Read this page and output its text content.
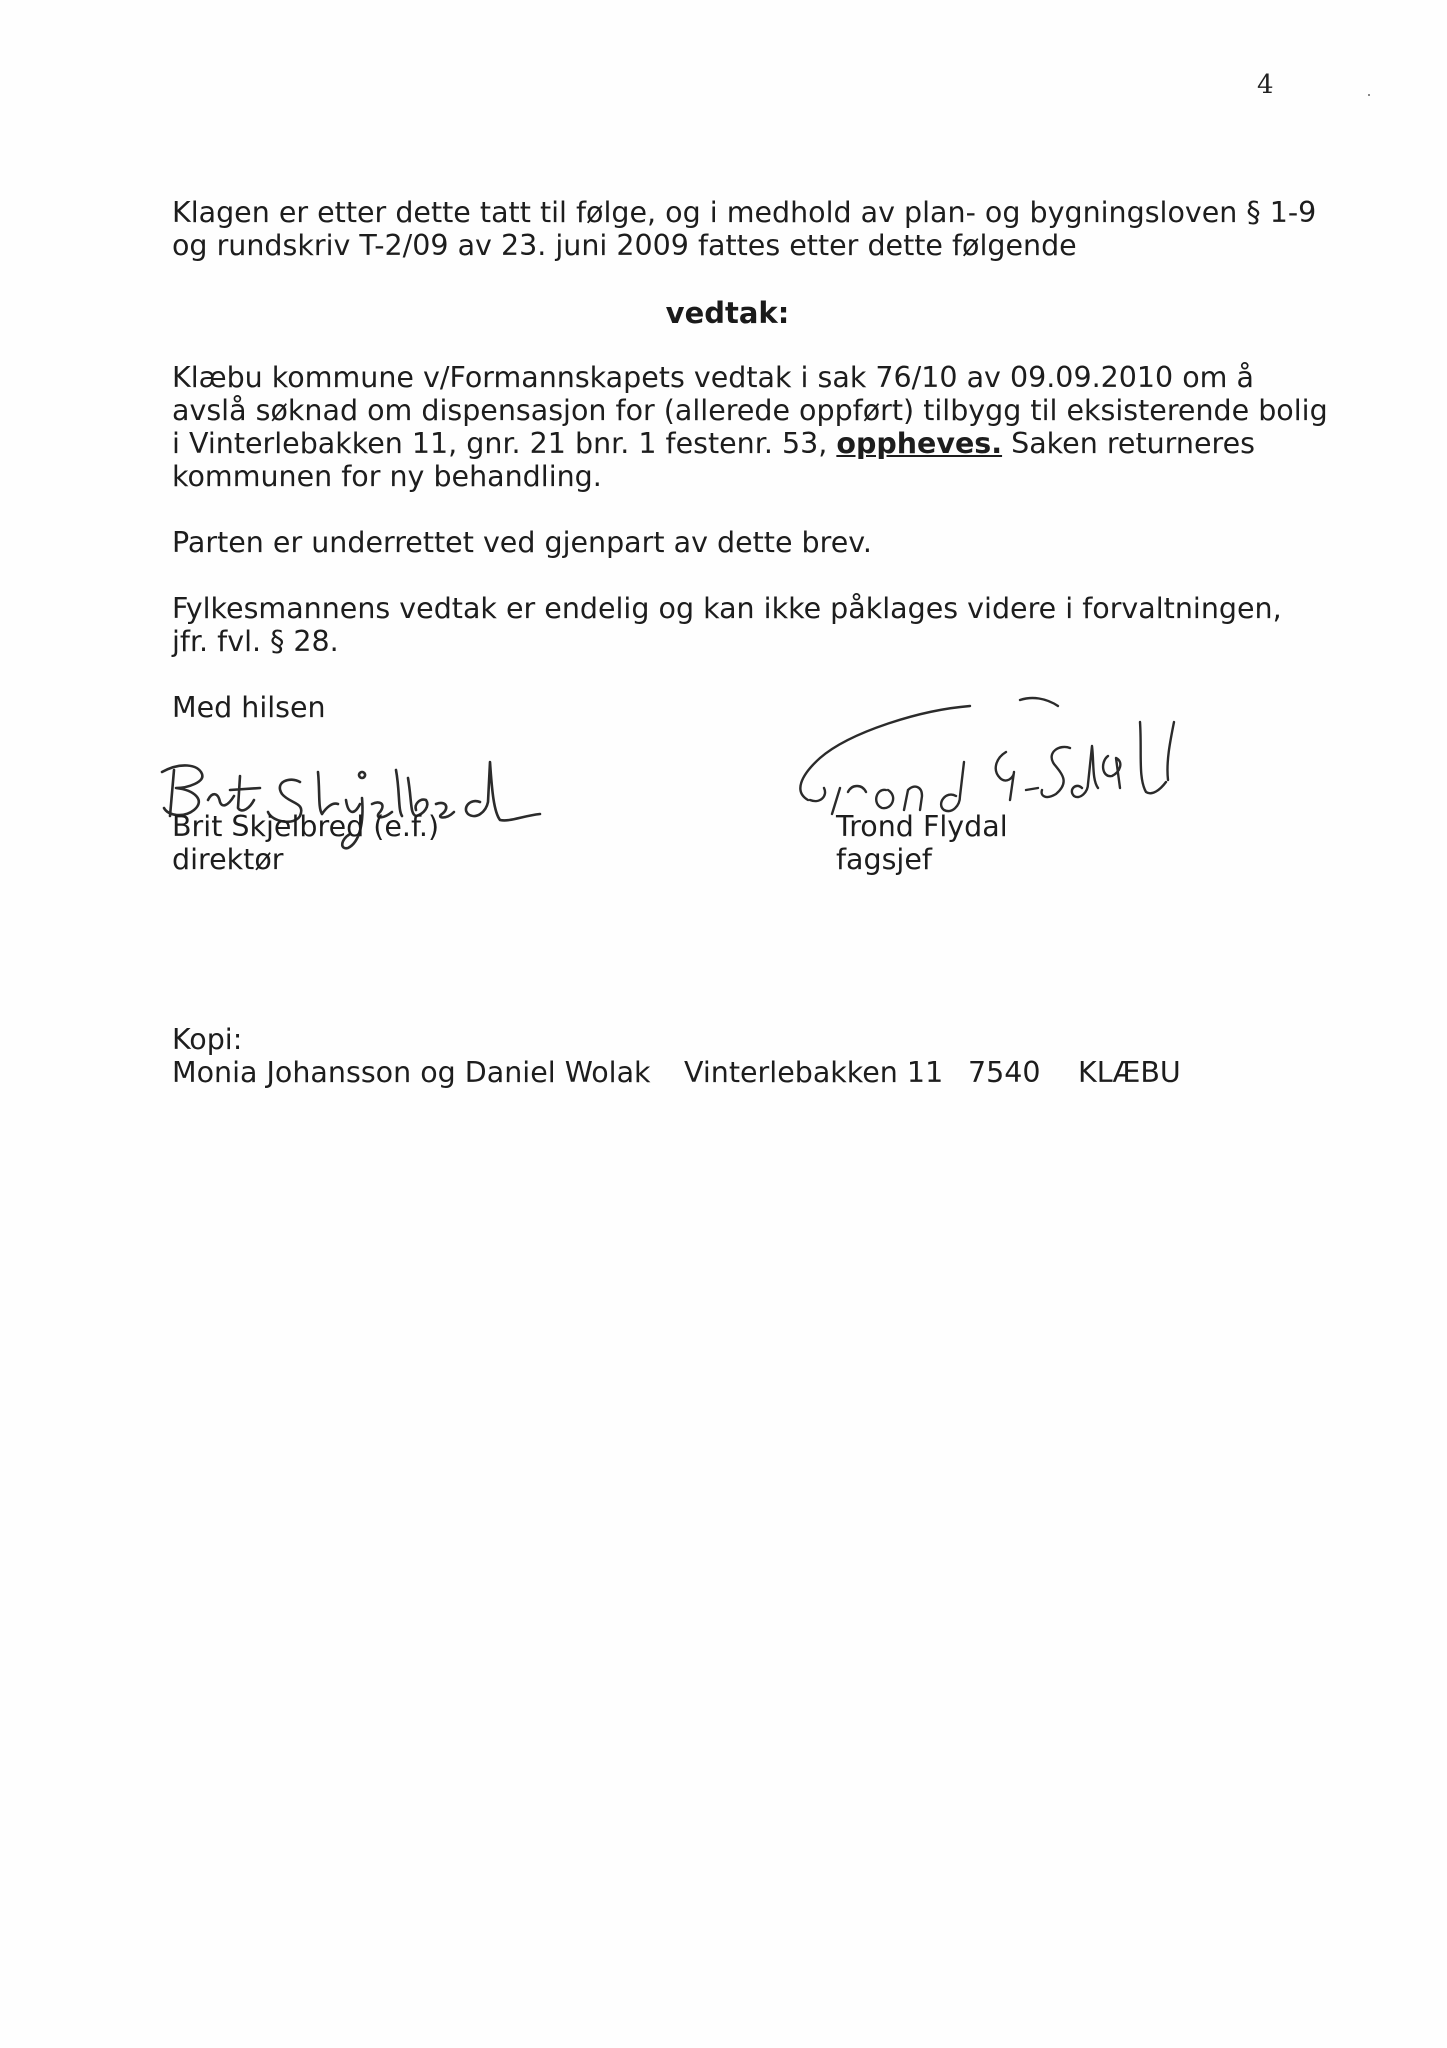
4
Klagen er etter dette tatt til følge, og i medhold av plan- og bygningsloven § 1-9
og rundskriv T-2/09 av 23. juni 2009 fattes etter dette følgende
vedtak:
Klæbu kommune v/Formannskapets vedtak i sak 76/10 av 09.09.2010 om å
avslå søknad om dispensasjon for (allerede oppført) tilbygg til eksisterende bolig
i Vinterlebakken 11, gnr. 21 bnr. 1 festenr. 53, oppheves. Saken returneres
kommunen for ny behandling.
Parten er underrettet ved gjenpart av dette brev.
Fylkesmannens vedtak er endelig og kan ikke påklages videre i forvaltningen,
jfr. fvl. § 28.
Med hilsen
Brit Skjelbred (e.f.)
direktør
Trond Flydal
fagsjef
Kopi:
Monia Johansson og Daniel Wolak Vinterlebakken 11 7540 KLÆBU
